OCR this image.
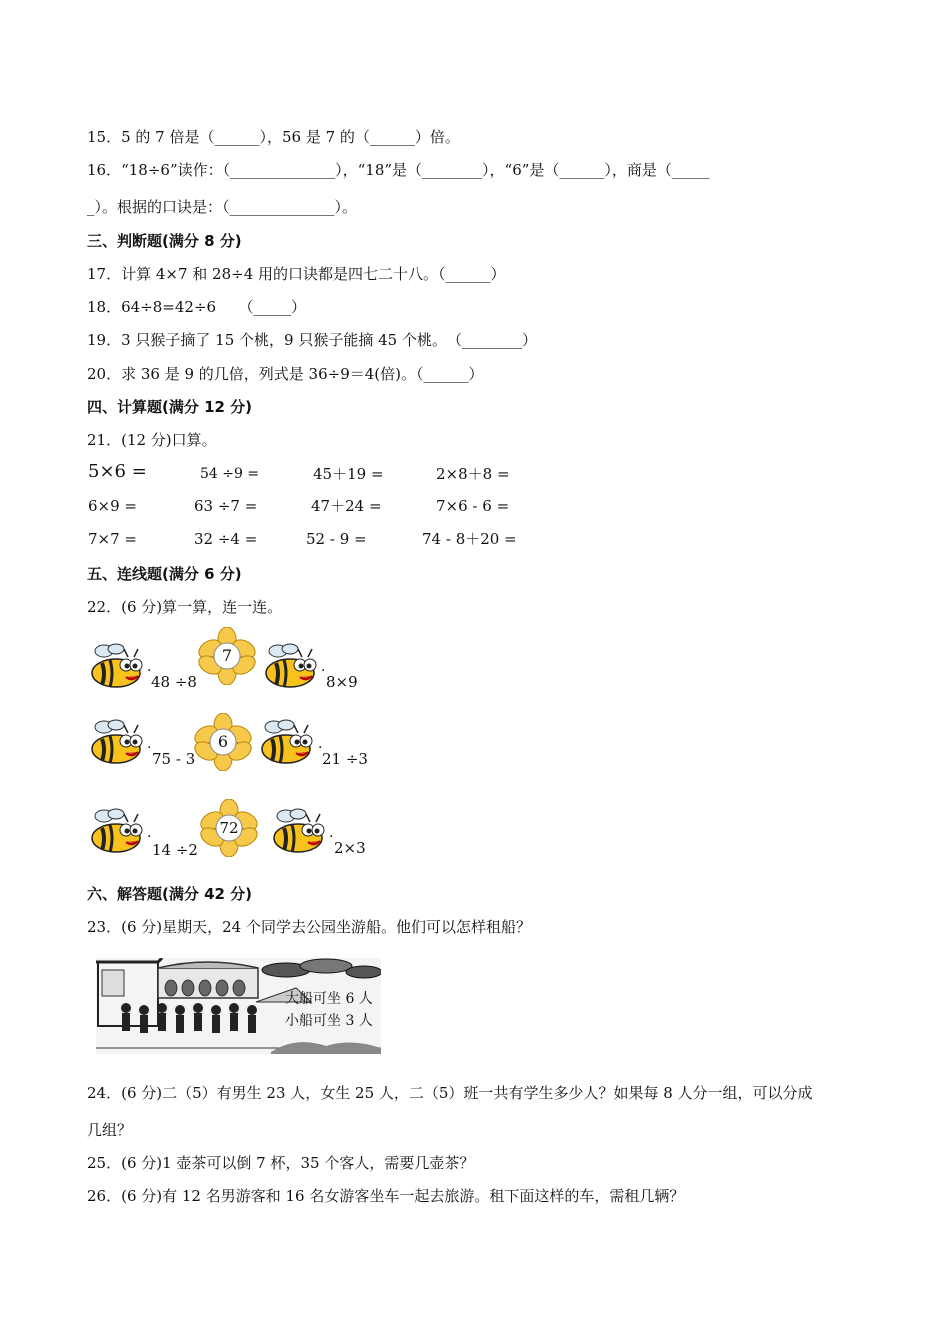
15．5 的 7 倍是（______），56 是 7 的（______）倍。
16．“18÷6”读作：（______________），“18”是（________），“6”是（______），商是（_____
_）。根据的口诀是：（______________）。
三、判断题(满分 8 分)
17．计算 4×7 和 28÷4 用的口诀都是四七二十八。（______）
18．64÷8=42÷6　　（_____）
19．3 只猴子摘了 15 个桃，9 只猴子能摘 45 个桃。　（________）
20．求 36 是 9 的几倍，列式是 36÷9＝4(倍)。（______）
四、计算题(满分 12 分)
21．(12 分)口算。
5×6 =	54 ÷9 =	45＋19 =	2×8＋8 =
6×9 =	63 ÷7 =	47＋24 =	7×6 - 6 =
7×7 =	32 ÷4 =	52 - 9 =	74 - 8＋20 =
五、连线题(满分 6 分)
22．(6 分)算一算，连一连。
.
48 ÷8
7
.
8×9
.
75 - 3
6	.
21 ÷3
.
14 ÷2
72	.
2×3
六、解答题(满分 42 分)
23．(6 分)星期天，24 个同学去公园坐游船。他们可以怎样租船？
大船可坐 6 人
小船可坐 3 人
24．(6 分)二（5）有男生 23 人，女生 25 人，二（5）班一共有学生多少人？如果每 8 人分一组，可以分成
几组？
25．(6 分)1 壶茶可以倒 7 杯，35 个客人，需要几壶茶？
26．(6 分)有 12 名男游客和 16 名女游客坐车一起去旅游。租下面这样的车，需租几辆？
